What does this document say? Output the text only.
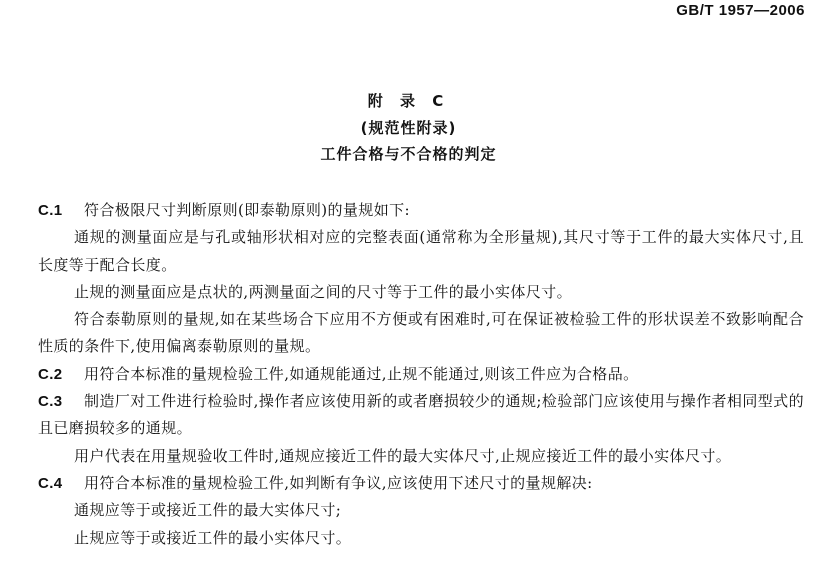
GB/T 1957—2006
附 录 C
(规范性附录)
工件合格与不合格的判定

C.1 符合极限尺寸判断原则(即泰勒原则)的量规如下:

通规的测量面应是与孔或轴形状相对应的完整表面(通常称为全形量规),其尺寸等于工件的最大实体尺寸,且长度等于配合长度。

止规的测量面应是点状的,两测量面之间的尺寸等于工件的最小实体尺寸。

符合泰勒原则的量规,如在某些场合下应用不方便或有困难时,可在保证被检验工件的形状误差不致影响配合性质的条件下,使用偏离泰勒原则的量规。

C.2 用符合本标准的量规检验工件,如通规能通过,止规不能通过,则该工件应为合格品。

C.3 制造厂对工件进行检验时,操作者应该使用新的或者磨损较少的通规;检验部门应该使用与操作者相同型式的且已磨损较多的通规。

用户代表在用量规验收工件时,通规应接近工件的最大实体尺寸,止规应接近工件的最小实体尺寸。

C.4 用符合本标准的量规检验工件,如判断有争议,应该使用下述尺寸的量规解决:

通规应等于或接近工件的最大实体尺寸;

止规应等于或接近工件的最小实体尺寸。
